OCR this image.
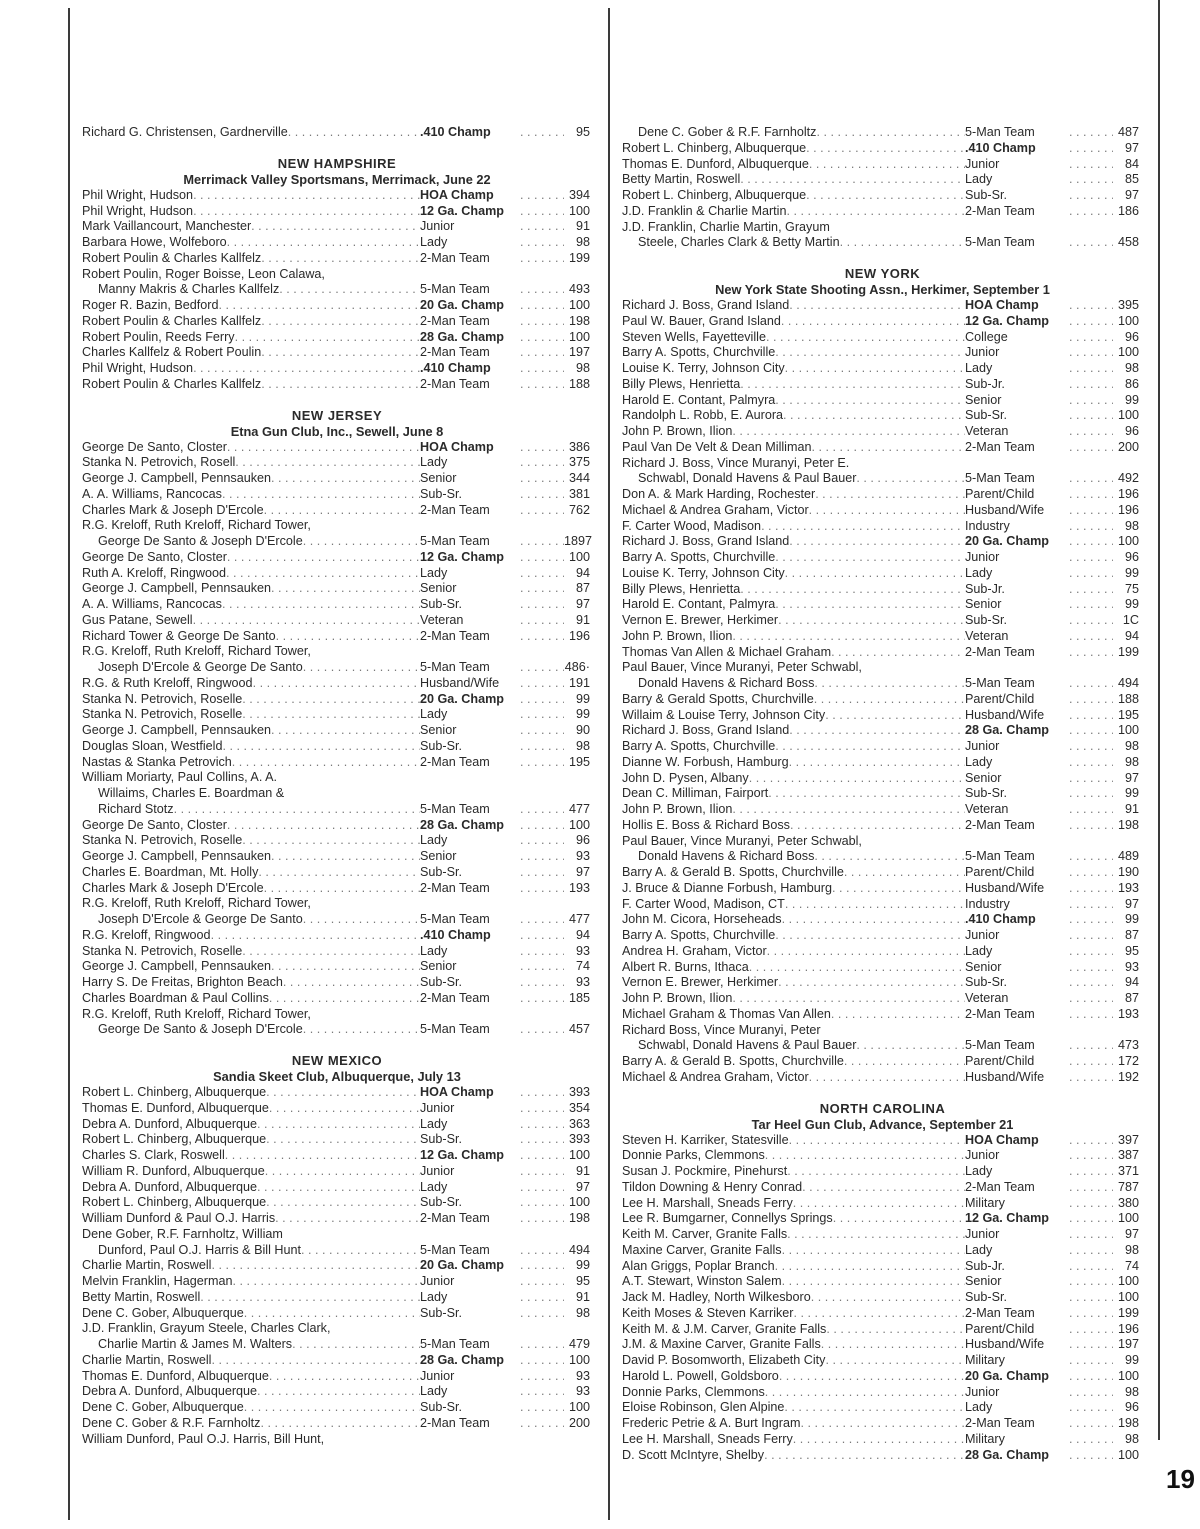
Richard G. Christensen, Gardnerville . . .	.410 Champ . . .	95
NEW HAMPSHIRE
Merrimack Valley Sportsmans, Merrimack, June 22
Phil Wright, Hudson . . .	HOA Champ . . .	394
Phil Wright, Hudson . . .	12 Ga. Champ . . .	100
Mark Vaillancourt, Manchester . . .	Junior . . .	91
Barbara Howe, Wolfeboro . . .	Lady . . .	98
Robert Poulin & Charles Kallfelz . . .	2-Man Team . . .	199
Robert Poulin, Roger Boisse, Leon Calawa,
Manny Makris & Charles Kallfelz . . .	5-Man Team . . .	493
Roger R. Bazin, Bedford . . .	20 Ga. Champ . . .	100
Robert Poulin & Charles Kallfelz . . .	2-Man Team . . .	198
Robert Poulin, Reeds Ferry . . .	28 Ga. Champ . . .	100
Charles Kallfelz & Robert Poulin . . .	2-Man Team . . .	197
Phil Wright, Hudson . . .	.410 Champ . . .	98
Robert Poulin & Charles Kallfelz . . .	2-Man Team . . .	188
NEW JERSEY
Etna Gun Club, Inc., Sewell, June 8
George De Santo, Closter . . .	HOA Champ . . .	386
Stanka N. Petrovich, Rosell . . .	Lady . . .	375
George J. Campbell, Pennsauken . . .	Senior . . .	344
A. A. Williams, Rancocas . . .	Sub-Sr. . . .	381
Charles Mark & Joseph D'Ercole . . .	2-Man Team . . .	762
R.G. Kreloff, Ruth Kreloff, Richard Tower,
George De Santo & Joseph D'Ercole . . .	5-Man Team . . .	1897
George De Santo, Closter . . .	12 Ga. Champ . . .	100
Ruth A. Kreloff, Ringwood . . .	Lady . . .	94
George J. Campbell, Pennsauken . . .	Senior . . .	87
A. A. Williams, Rancocas . . .	Sub-Sr. . . .	97
Gus Patane, Sewell . . .	Veteran . . .	91
Richard Tower & George De Santo . . .	2-Man Team . . .	196
R.G. Kreloff, Ruth Kreloff, Richard Tower,
Joseph D'Ercole & George De Santo . . .	5-Man Team . . .	486·
R.G. & Ruth Kreloff, Ringwood . . .	Husband/Wife . . .	191
Stanka N. Petrovich, Roselle . . .	20 Ga. Champ . . .	99
Stanka N. Petrovich, Roselle . . .	Lady . . .	99
George J. Campbell, Pennsauken . . .	Senior . . .	90
Douglas Sloan, Westfield . . .	Sub-Sr. . . .	98
Nastas & Stanka Petrovich . . .	2-Man Team . . .	195
William Moriarty, Paul Collins, A. A.
Willaims, Charles E. Boardman &
Richard Stotz . . .	5-Man Team . . .	477
George De Santo, Closter . . .	28 Ga. Champ . . .	100
Stanka N. Petrovich, Roselle . . .	Lady . . .	96
George J. Campbell, Pennsauken . . .	Senior . . .	93
Charles E. Boardman, Mt. Holly . . .	Sub-Sr. . . .	97
Charles Mark & Joseph D'Ercole . . .	2-Man Team . . .	193
R.G. Kreloff, Ruth Kreloff, Richard Tower,
Joseph D'Ercole & George De Santo . . .	5-Man Team . . .	477
R.G. Kreloff, Ringwood . . .	.410 Champ . . .	94
Stanka N. Petrovich, Roselle . . .	Lady . . .	93
George J. Campbell, Pennsauken . . .	Senior . . .	74
Harry S. De Freitas, Brighton Beach . . .	Sub-Sr. . . .	93
Charles Boardman & Paul Collins . . .	2-Man Team . . .	185
R.G. Kreloff, Ruth Kreloff, Richard Tower,
George De Santo & Joseph D'Ercole . . .	5-Man Team . . .	457
NEW MEXICO
Sandia Skeet Club, Albuquerque, July 13
Robert L. Chinberg, Albuquerque . . .	HOA Champ . . .	393
Thomas E. Dunford, Albuquerque . . .	Junior . . .	354
Debra A. Dunford, Albuquerque . . .	Lady . . .	363
Robert L. Chinberg, Albuquerque . . .	Sub-Sr. . . .	393
Charles S. Clark, Roswell . . .	12 Ga. Champ . . .	100
William R. Dunford, Albuquerque . . .	Junior . . .	91
Debra A. Dunford, Albuquerque . . .	Lady . . .	97
Robert L. Chinberg, Albuquerque . . .	Sub-Sr. . . .	100
William Dunford & Paul O.J. Harris . . .	2-Man Team . . .	198
Dene Gober, R.F. Farnholtz, William
Dunford, Paul O.J. Harris & Bill Hunt . . .	5-Man Team . . .	494
Charlie Martin, Roswell . . .	20 Ga. Champ . . .	99
Melvin Franklin, Hagerman . . .	Junior . . .	95
Betty Martin, Roswell . . .	Lady . . .	91
Dene C. Gober, Albuquerque . . .	Sub-Sr. . . .	98
J.D. Franklin, Grayum Steele, Charles Clark,
Charlie Martin & James M. Walters . . .	5-Man Team . . .	479
Charlie Martin, Roswell . . .	28 Ga. Champ . . .	100
Thomas E. Dunford, Albuquerque . . .	Junior . . .	93
Debra A. Dunford, Albuquerque . . .	Lady . . .	93
Dene C. Gober, Albuquerque . . .	Sub-Sr. . . .	100
Dene C. Gober & R.F. Farnholtz . . .	2-Man Team . . .	200
William Dunford, Paul O.J. Harris, Bill Hunt,
Dene C. Gober & R.F. Farnholtz . . .	5-Man Team . . .	487
Robert L. Chinberg, Albuquerque . . .	.410 Champ . . .	97
Thomas E. Dunford, Albuquerque . . .	Junior . . .	84
Betty Martin, Roswell . . .	Lady . . .	85
Robert L. Chinberg, Albuquerque . . .	Sub-Sr. . . .	97
J.D. Franklin & Charlie Martin . . .	2-Man Team . . .	186
J.D. Franklin, Charlie Martin, Grayum
Steele, Charles Clark & Betty Martin . . .	5-Man Team . . .	458
NEW YORK
New York State Shooting Assn., Herkimer, September 1
Richard J. Boss, Grand Island . . .	HOA Champ . . .	395
Paul W. Bauer, Grand Island . . .	12 Ga. Champ . . .	100
Steven Wells, Fayetteville . . .	College . . .	96
Barry A. Spotts, Churchville . . .	Junior . . .	100
Louise K. Terry, Johnson City . . .	Lady . . .	98
Billy Plews, Henrietta . . .	Sub-Jr. . . .	86
Harold E. Contant, Palmyra . . .	Senior . . .	99
Randolph L. Robb, E. Aurora . . .	Sub-Sr. . . .	100
John P. Brown, Ilion . . .	Veteran . . .	96
Paul Van De Velt & Dean Milliman . . .	2-Man Team . . .	200
Richard J. Boss, Vince Muranyi, Peter E.
Schwabl, Donald Havens & Paul Bauer . . .	5-Man Team . . .	492
Don A. & Mark Harding, Rochester . . .	Parent/Child . . .	196
Michael & Andrea Graham, Victor . . .	Husband/Wife . . .	196
F. Carter Wood, Madison . . .	Industry . . .	98
Richard J. Boss, Grand Island . . .	20 Ga. Champ . . .	100
Barry A. Spotts, Churchville . . .	Junior . . .	96
Louise K. Terry, Johnson City . . .	Lady . . .	99
Billy Plews, Henrietta . . .	Sub-Jr. . . .	75
Harold E. Contant, Palmyra . . .	Senior . . .	99
Vernon E. Brewer, Herkimer . . .	Sub-Sr. . . .	1C
John P. Brown, Ilion . . .	Veteran . . .	94
Thomas Van Allen & Michael Graham . . .	2-Man Team . . .	199
Paul Bauer, Vince Muranyi, Peter Schwabl,
Donald Havens & Richard Boss . . .	5-Man Team . . .	494
Barry & Gerald Spotts, Churchville . . .	Parent/Child . . .	188
Willaim & Louise Terry, Johnson City . . .	Husband/Wife . . .	195
Richard J. Boss, Grand Island . . .	28 Ga. Champ . . .	100
Barry A. Spotts, Churchville . . .	Junior . . .	98
Dianne W. Forbush, Hamburg . . .	Lady . . .	98
John D. Pysen, Albany . . .	Senior . . .	97
Dean C. Milliman, Fairport . . .	Sub-Sr. . . .	99
John P. Brown, Ilion . . .	Veteran . . .	91
Hollis E. Boss & Richard Boss . . .	2-Man Team . . .	198
Paul Bauer, Vince Muranyi, Peter Schwabl,
Donald Havens & Richard Boss . . .	5-Man Team . . .	489
Barry A. & Gerald B. Spotts, Churchville . . .	Parent/Child . . .	190
J. Bruce & Dianne Forbush, Hamburg . . .	Husband/Wife . . .	193
F. Carter Wood, Madison, CT . . .	Industry . . .	97
John M. Cicora, Horseheads . . .	.410 Champ . . .	99
Barry A. Spotts, Churchville . . .	Junior . . .	87
Andrea H. Graham, Victor . . .	Lady . . .	95
Albert R. Burns, Ithaca . . .	Senior . . .	93
Vernon E. Brewer, Herkimer . . .	Sub-Sr. . . .	94
John P. Brown, Ilion . . .	Veteran . . .	87
Michael Graham & Thomas Van Allen . . .	2-Man Team . . .	193
Richard Boss, Vince Muranyi, Peter
Schwabl, Donald Havens & Paul Bauer . . .	5-Man Team . . .	473
Barry A. & Gerald B. Spotts, Churchville . . .	Parent/Child . . .	172
Michael & Andrea Graham, Victor . . .	Husband/Wife . . .	192
NORTH CAROLINA
Tar Heel Gun Club, Advance, September 21
Steven H. Karriker, Statesville . . .	HOA Champ . . .	397
Donnie Parks, Clemmons . . .	Junior . . .	387
Susan J. Pockmire, Pinehurst . . .	Lady . . .	371
Tildon Downing & Henry Conrad . . .	2-Man Team . . .	787
Lee H. Marshall, Sneads Ferry . . .	Military . . .	380
Lee R. Bumgarner, Connellys Springs . . .	12 Ga. Champ . . .	100
Keith M. Carver, Granite Falls . . .	Junior . . .	97
Maxine Carver, Granite Falls . . .	Lady . . .	98
Alan Griggs, Poplar Branch . . .	Sub-Jr. . . .	74
A.T. Stewart, Winston Salem . . .	Senior . . .	100
Jack M. Hadley, North Wilkesboro . . .	Sub-Sr. . . .	100
Keith Moses & Steven Karriker . . .	2-Man Team . . .	199
Keith M. & J.M. Carver, Granite Falls . . .	Parent/Child . . .	196
J.M. & Maxine Carver, Granite Falls . . .	Husband/Wife . . .	197
David P. Bosomworth, Elizabeth City . . .	Military . . .	99
Harold L. Powell, Goldsboro . . .	20 Ga. Champ . . .	100
Donnie Parks, Clemmons . . .	Junior . . .	98
Eloise Robinson, Glen Alpine . . .	Lady . . .	96
Frederic Petrie & A. Burt Ingram . . .	2-Man Team . . .	198
Lee H. Marshall, Sneads Ferry . . .	Military . . .	98
D. Scott McIntyre, Shelby . . .	28 Ga. Champ . . .	100
19
